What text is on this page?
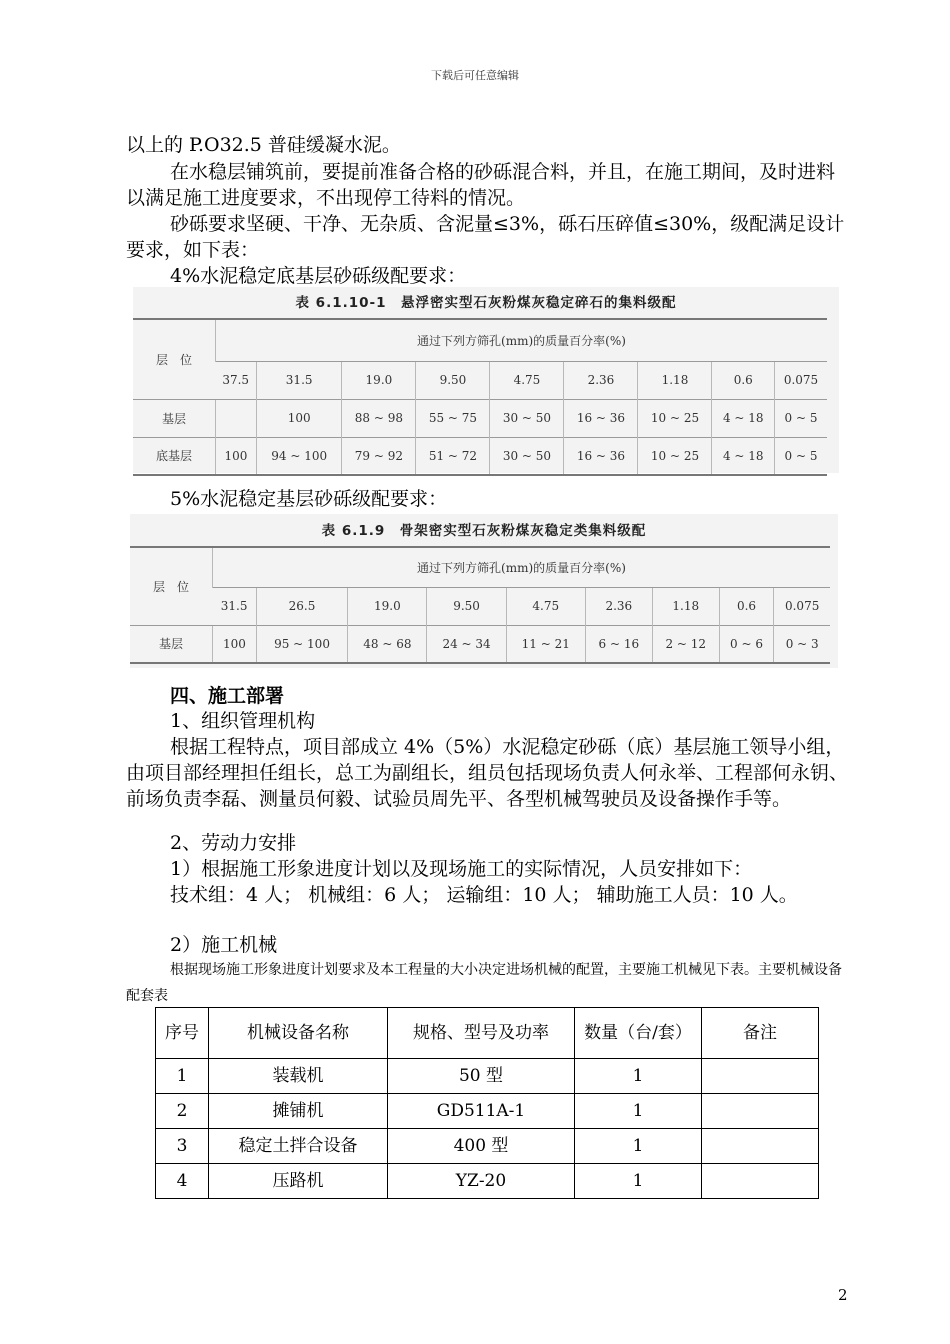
下载后可任意编辑
以上的 P.O32.5 普硅缓凝水泥。
在水稳层铺筑前，要提前准备合格的砂砾混合料，并且，在施工期间，及时进料以满足施工进度要求，不出现停工待料的情况。
砂砾要求坚硬、干净、无杂质、含泥量≤3%，砾石压碎值≤30%，级配满足设计要求，如下表：
4%水泥稳定底基层砂砾级配要求：
表 6.1.10-1　悬浮密实型石灰粉煤灰稳定碎石的集料级配
层　位	通过下列方筛孔(mm)的质量百分率(%)								
	37.5	31.5	19.0	9.50	4.75	2.36	1.18	0.6	0.075
基层		100	88 ~ 98	55 ~ 75	30 ~ 50	16 ~ 36	10 ~ 25	4 ~ 18	0 ~ 5
底基层	100	94 ~ 100	79 ~ 92	51 ~ 72	30 ~ 50	16 ~ 36	10 ~ 25	4 ~ 18	0 ~ 5
5%水泥稳定基层砂砾级配要求：
表 6.1.9　骨架密实型石灰粉煤灰稳定类集料级配
层　位	通过下列方筛孔(mm)的质量百分率(%)								
	31.5	26.5	19.0	9.50	4.75	2.36	1.18	0.6	0.075
基层	100	95 ~ 100	48 ~ 68	24 ~ 34	11 ~ 21	6 ~ 16	2 ~ 12	0 ~ 6	0 ~ 3
四、施工部署
1、组织管理机构
根据工程特点，项目部成立 4%（5%）水泥稳定砂砾（底）基层施工领导小组，由项目部经理担任组长，总工为副组长，组员包括现场负责人何永举、工程部何永钥、前场负责李磊、测量员何毅、试验员周先平、各型机械驾驶员及设备操作手等。
2、劳动力安排
1）根据施工形象进度计划以及现场施工的实际情况，人员安排如下：
技术组：4 人； 机械组：6 人； 运输组：10 人； 辅助施工人员：10 人。
2）施工机械
根据现场施工形象进度计划要求及本工程量的大小决定进场机械的配置，主要施工机械见下表。主要机械设备配套表
序号	机械设备名称	规格、型号及功率	数量（台/套）	备注
1	装载机	50 型	1	
2	摊铺机	GD511A-1	1	
3	稳定土拌合设备	400 型	1	
4	压路机	YZ-20	1	
2
